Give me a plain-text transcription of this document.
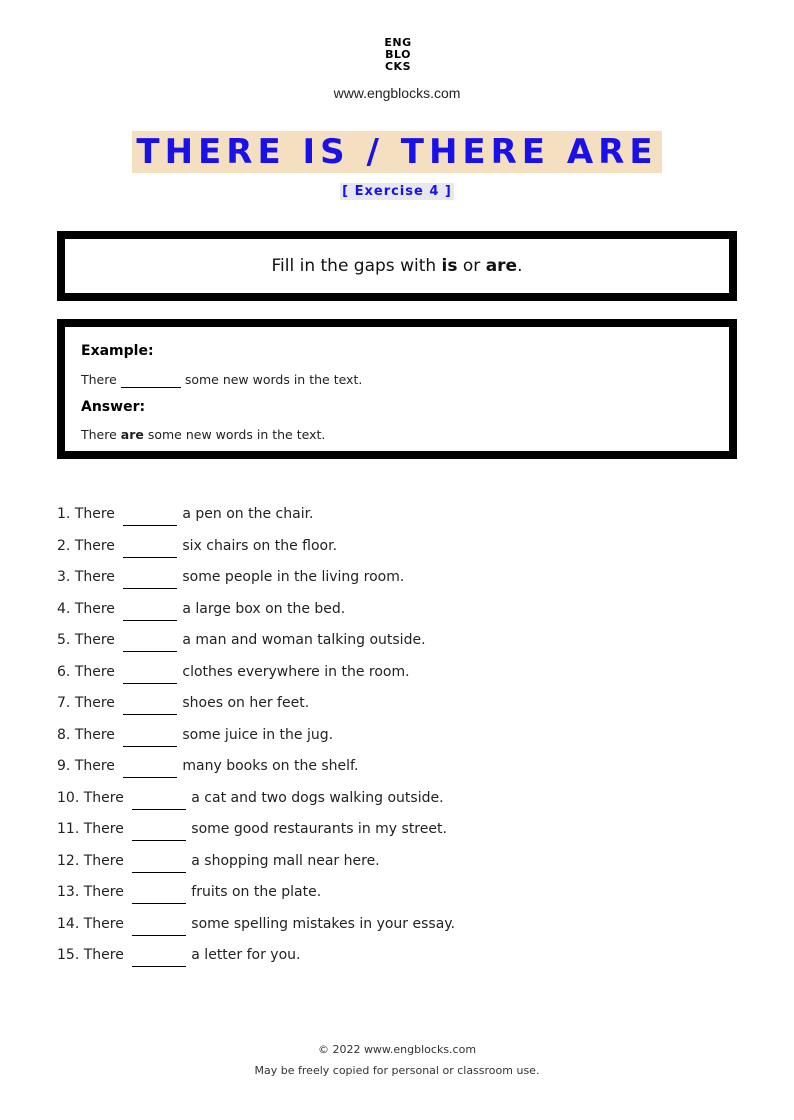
ENG
BLO
CKS
www.engblocks.com
THERE IS / THERE ARE
[ Exercise 4 ]
Fill in the gaps with is or are.
Example:
There	some new words in the text.
Answer:
There are some new words in the text.
1. There	a pen on the chair.
2. There	six chairs on the floor.
3. There	some people in the living room.
4. There	a large box on the bed.
5. There	a man and woman talking outside.
6. There	clothes everywhere in the room.
7. There	shoes on her feet.
8. There	some juice in the jug.
9. There	many books on the shelf.
10. There	a cat and two dogs walking outside.
11. There	some good restaurants in my street.
12. There	a shopping mall near here.
13. There	fruits on the plate.
14. There	some spelling mistakes in your essay.
15. There	a letter for you.
© 2022 www.engblocks.com
May be freely copied for personal or classroom use.
